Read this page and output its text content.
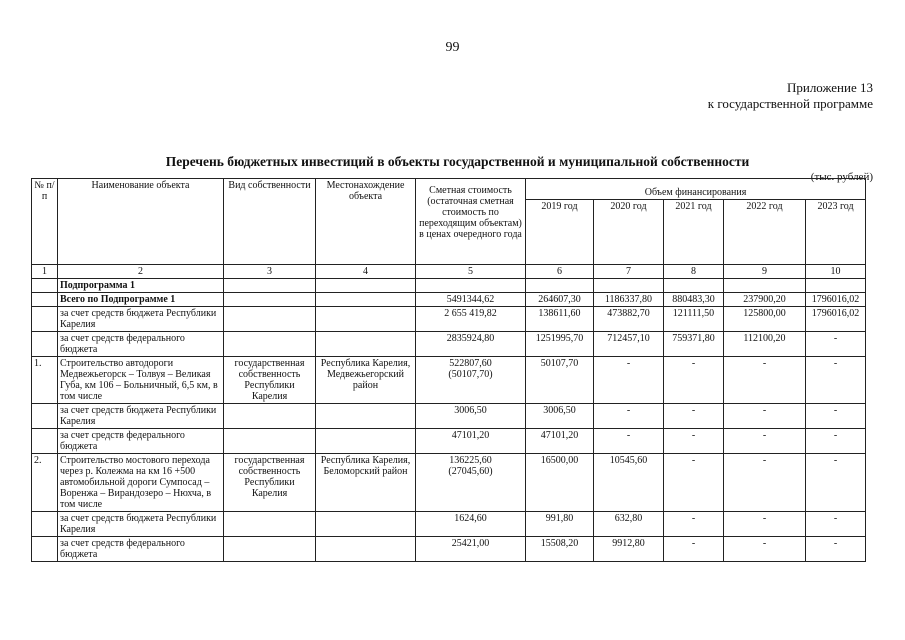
99
Приложение 13
к государственной программе
Перечень бюджетных инвестиций в объекты государственной и муниципальной собственности
(тыс. рублей)
№ п/п	Наименование объекта	Вид собственности	Местонахождение объекта	Сметная стоимость (остаточная сметная стоимость по переходящим объектам) в ценах очередного года	Объем финансирования				
					2019 год	2020 год	2021 год	2022 год	2023 год
1	2	3	4	5	6	7	8	9	10
	Подпрограмма 1								
	Всего по Подпрограмме 1			5491344,62	264607,30	1186337,80	880483,30	237900,20	1796016,02
	за счет средств бюджета Республики Карелия			2 655 419,82	138611,60	473882,70	121111,50	125800,00	1796016,02
	за счет средств федерального бюджета			2835924,80	1251995,70	712457,10	759371,80	112100,20	-
1.	Строительство автодороги Медвежьегорск – Толвуя – Великая Губа, км 106 – Больничный, 6,5 км, в том числе	государственная собственность Республики Карелия	Республика Карелия, Медвежьегорский район	522807,60
(50107,70)	50107,70	-	-	-	-
	за счет средств бюджета Республики Карелия			3006,50	3006,50	-	-	-	-
	за счет средств федерального бюджета			47101,20	47101,20	-	-	-	-
2.	Строительство мостового перехода через р. Колежма на км 16 +500 автомобильной дороги Сумпосад – Воренжа – Вирандозеро – Нюхча, в том числе	государственная собственность Республики Карелия	Республика Карелия, Беломорский район	136225,60
(27045,60)	16500,00	10545,60	-	-	-
	за счет средств бюджета Республики Карелия			1624,60	991,80	632,80	-	-	-
	за счет средств федерального бюджета			25421,00	15508,20	9912,80	-	-	-
